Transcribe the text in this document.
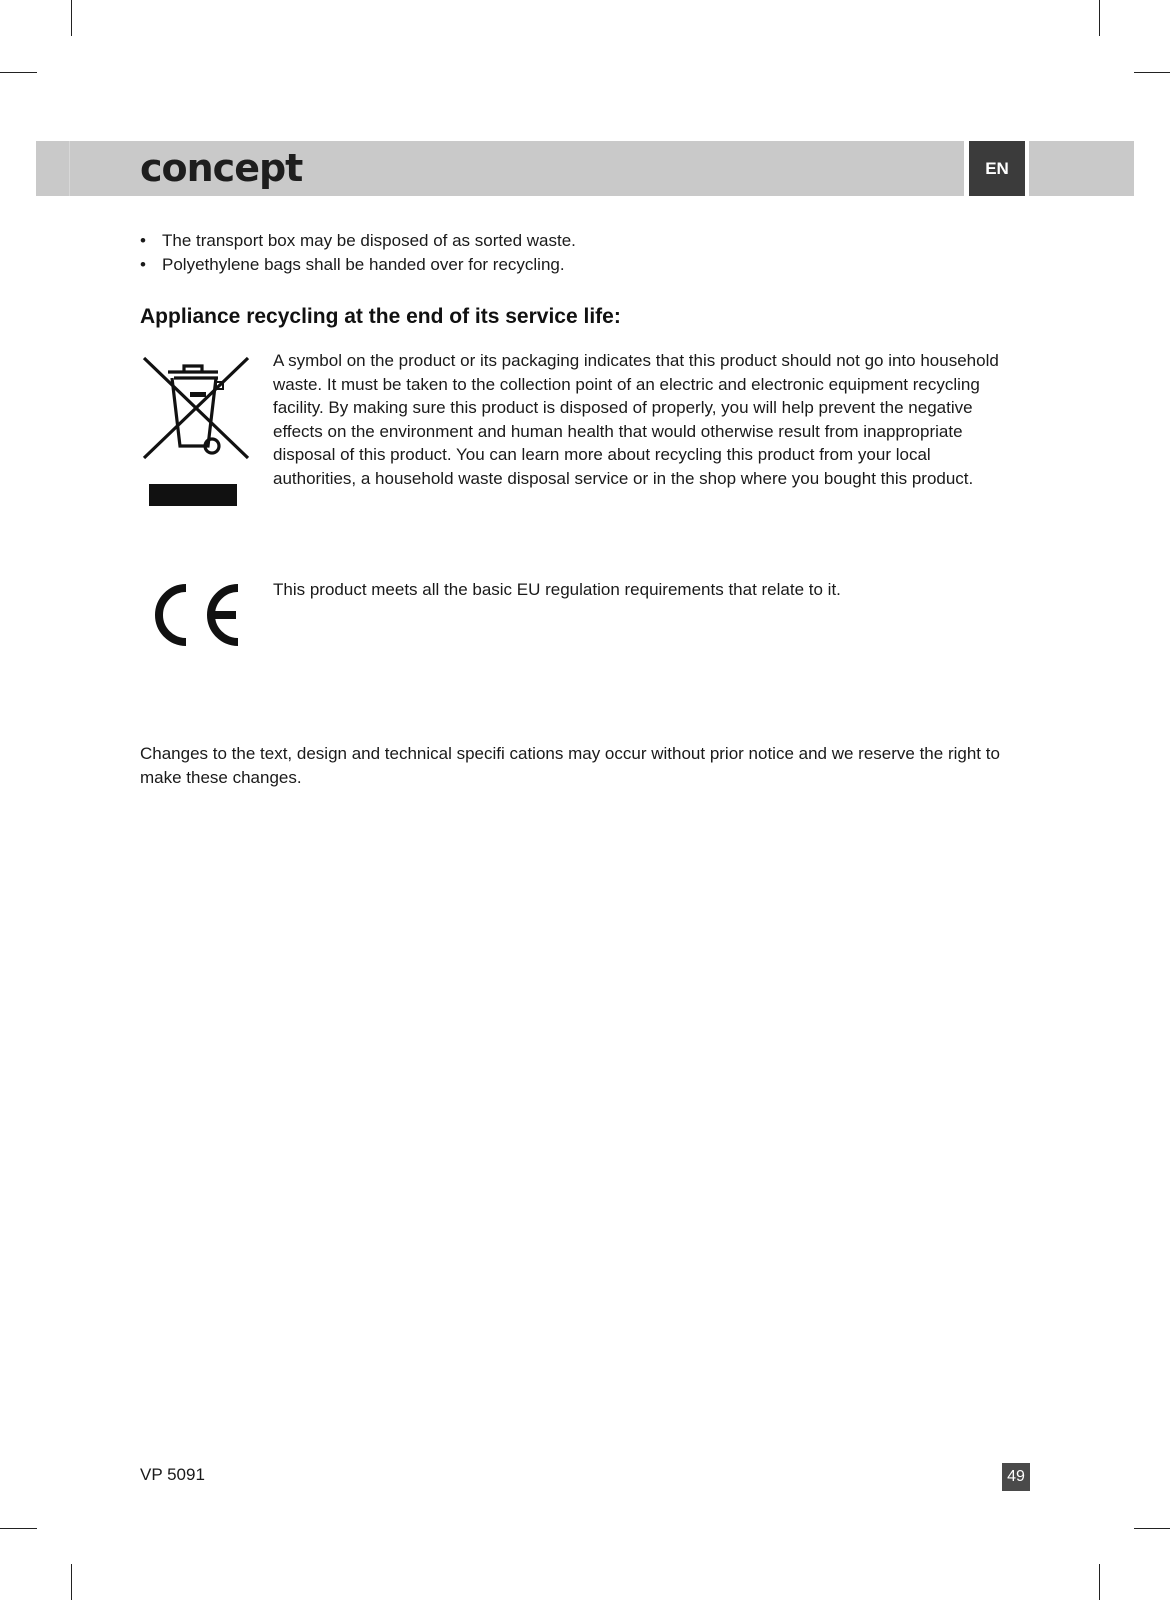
concept	EN
• The transport box may be disposed of as sorted waste.
• Polyethylene bags shall be handed over for recycling.
Appliance recycling at the end of its service life:

A symbol on the product or its packaging indicates that this product should not go into household waste. It must be taken to the collection point of an electric and electronic equipment recycling facility. By making sure this product is disposed of properly, you will help prevent the negative effects on the environment and human health that would otherwise result from inappropriate disposal of this product. You can learn more about recycling this product from your local authorities, a household waste disposal service or in the shop where you bought this product.

This product meets all the basic EU regulation requirements that relate to it.

Changes to the text, design and technical specifi cations may occur without prior notice and we reserve the right to make these changes.

VP 5091	49
